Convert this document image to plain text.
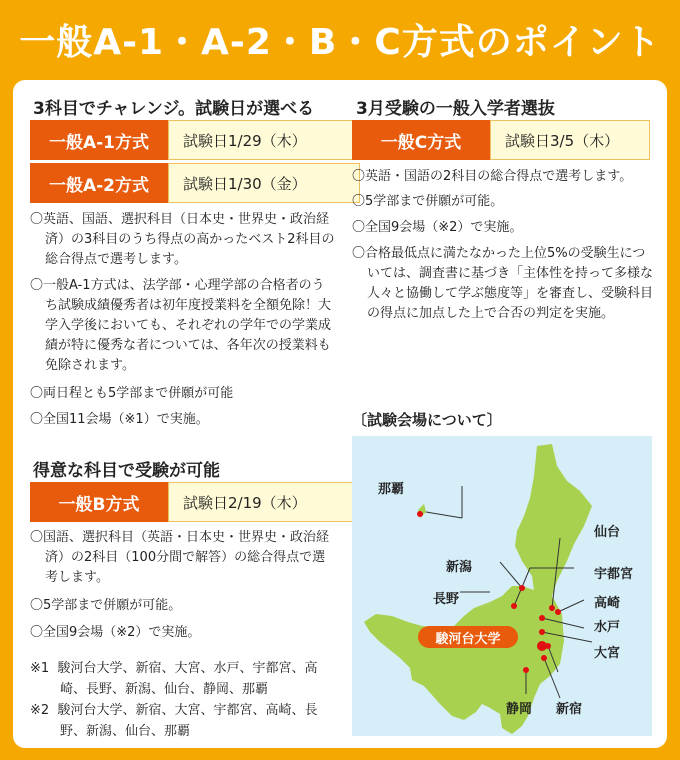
一般A-1・A-2・B・C方式のポイント
3科目でチャレンジ。試験日が選べる
一般A-1方式	試験日1/29（木）
一般A-2方式	試験日1/30（金）
〇英語、国語、選択科目（日本史・世界史・政治経済）の3科目のうち得点の高かったベスト2科目の総合得点で選考します。
〇一般A-1方式は、法学部・心理学部の合格者のうち試験成績優秀者は初年度授業料を全額免除！大学入学後においても、それぞれの学年での学業成績が特に優秀な者については、各年次の授業料も免除されます。
〇両日程とも5学部まで併願が可能
〇全国11会場（※1）で実施。
得意な科目で受験が可能
一般B方式	試験日2/19（木）
〇国語、選択科目（英語・日本史・世界史・政治経済）の2科目（100分間で解答）の総合得点で選考します。
〇5学部まで併願が可能。
〇全国9会場（※2）で実施。
※1 駿河台大学、新宿、大宮、水戸、宇都宮、高崎、長野、新潟、仙台、静岡、那覇
※2 駿河台大学、新宿、大宮、宇都宮、高崎、長野、新潟、仙台、那覇
3月受験の一般入学者選抜
一般C方式	試験日3/5（木）
〇英語・国語の2科目の総合得点で選考します。
〇5学部まで併願が可能。
〇全国9会場（※2）で実施。
〇合格最低点に満たなかった上位5%の受験生については、調査書に基づき「主体性を持って多様な人々と協働して学ぶ態度等」を審査し、受験科目の得点に加点した上で合否の判定を実施。
〔試験会場について〕
那覇
新潟
長野
仙台
宇都宮
高崎
水戸
大宮
静岡 新宿
駿河台大学
